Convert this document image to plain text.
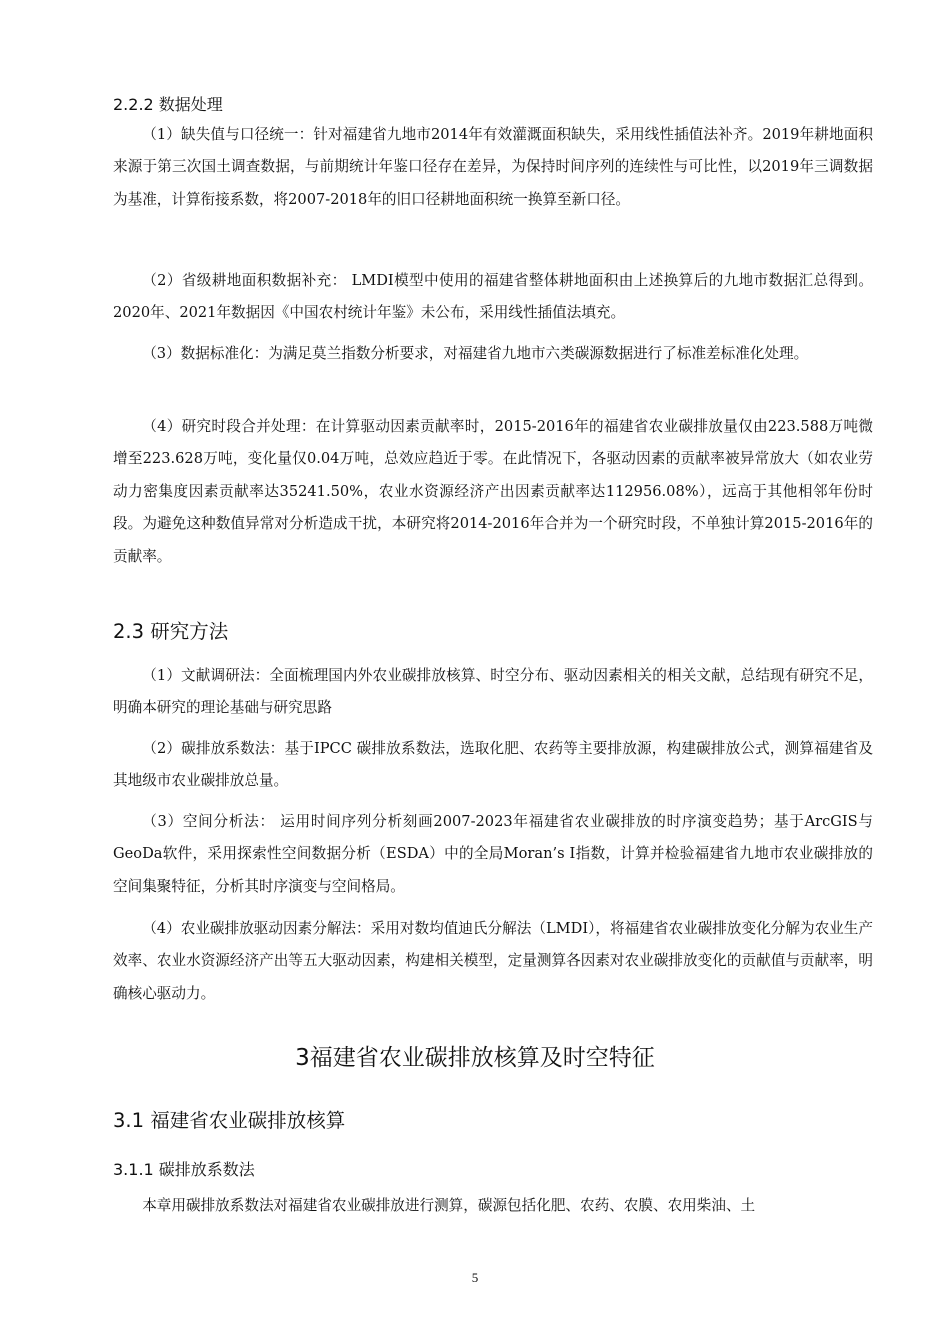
2.2.2 数据处理

（1）缺失值与口径统一：针对福建省九地市2014年有效灌溉面积缺失，采用线性插值法补齐。2019年耕地面积来源于第三次国土调查数据，与前期统计年鉴口径存在差异，为保持时间序列的连续性与可比性，以2019年三调数据为基准，计算衔接系数，将2007-2018年的旧口径耕地面积统一换算至新口径。

（2）省级耕地面积数据补充： LMDI模型中使用的福建省整体耕地面积由上述换算后的九地市数据汇总得到。2020年、2021年数据因《中国农村统计年鉴》未公布，采用线性插值法填充。

（3）数据标准化：为满足莫兰指数分析要求，对福建省九地市六类碳源数据进行了标准差标准化处理。

（4）研究时段合并处理：在计算驱动因素贡献率时，2015-2016年的福建省农业碳排放量仅由223.588万吨微增至223.628万吨，变化量仅0.04万吨，总效应趋近于零。在此情况下，各驱动因素的贡献率被异常放大（如农业劳动力密集度因素贡献率达35241.50%，农业水资源经济产出因素贡献率达112956.08%），远高于其他相邻年份时段。为避免这种数值异常对分析造成干扰，本研究将2014-2016年合并为一个研究时段，不单独计算2015-2016年的贡献率。

2.3 研究方法

（1）文献调研法：全面梳理国内外农业碳排放核算、时空分布、驱动因素相关的相关文献，总结现有研究不足，明确本研究的理论基础与研究思路

（2）碳排放系数法：基于IPCC 碳排放系数法，选取化肥、农药等主要排放源，构建碳排放公式，测算福建省及其地级市农业碳排放总量。

（3）空间分析法： 运用时间序列分析刻画2007-2023年福建省农业碳排放的时序演变趋势；基于ArcGIS与GeoDa软件，采用探索性空间数据分析（ESDA）中的全局Moran’s I指数，计算并检验福建省九地市农业碳排放的空间集聚特征，分析其时序演变与空间格局。

（4）农业碳排放驱动因素分解法：采用对数均值迪氏分解法（LMDI），将福建省农业碳排放变化分解为农业生产效率、农业水资源经济产出等五大驱动因素，构建相关模型，定量测算各因素对农业碳排放变化的贡献值与贡献率，明确核心驱动力。

3福建省农业碳排放核算及时空特征
3.1 福建省农业碳排放核算
3.1.1 碳排放系数法

本章用碳排放系数法对福建省农业碳排放进行测算，碳源包括化肥、农药、农膜、农用柴油、土

5
